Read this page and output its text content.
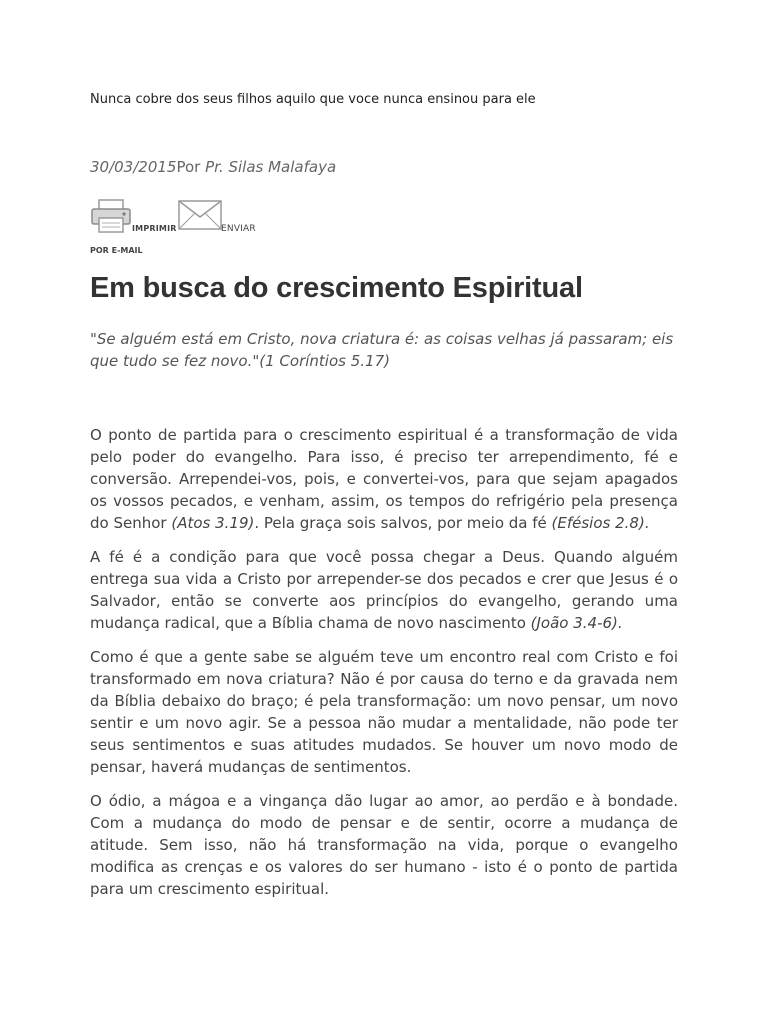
Nunca cobre dos seus filhos aquilo que voce nunca ensinou para ele
30/03/2015Por Pr. Silas Malafaya
IMPRIMIR	ENVIAR
POR E-MAIL
Em busca do crescimento Espiritual

"Se alguém está em Cristo, nova criatura é: as coisas velhas já passaram; eis que tudo se fez novo."(1 Coríntios 5.17)

O ponto de partida para o crescimento espiritual é a transformação de vida pelo poder do evangelho. Para isso, é preciso ter arrependimento, fé e conversão. Arrependei-vos, pois, e convertei-vos, para que sejam apagados os vossos pecados, e venham, assim, os tempos do refrigério pela presença do Senhor (Atos 3.19). Pela graça sois salvos, por meio da fé (Efésios 2.8).

A fé é a condição para que você possa chegar a Deus. Quando alguém entrega sua vida a Cristo por arrepender-se dos pecados e crer que Jesus é o Salvador, então se converte aos princípios do evangelho, gerando uma mudança radical, que a Bíblia chama de novo nascimento (João 3.4-6).

Como é que a gente sabe se alguém teve um encontro real com Cristo e foi transformado em nova criatura? Não é por causa do terno e da gravada nem da Bíblia debaixo do braço; é pela transformação: um novo pensar, um novo sentir e um novo agir. Se a pessoa não mudar a mentalidade, não pode ter seus sentimentos e suas atitudes mudados. Se houver um novo modo de pensar, haverá mudanças de sentimentos.

O ódio, a mágoa e a vingança dão lugar ao amor, ao perdão e à bondade. Com a mudança do modo de pensar e de sentir, ocorre a mudança de atitude. Sem isso, não há transformação na vida, porque o evangelho modifica as crenças e os valores do ser humano - isto é o ponto de partida para um crescimento espiritual.
